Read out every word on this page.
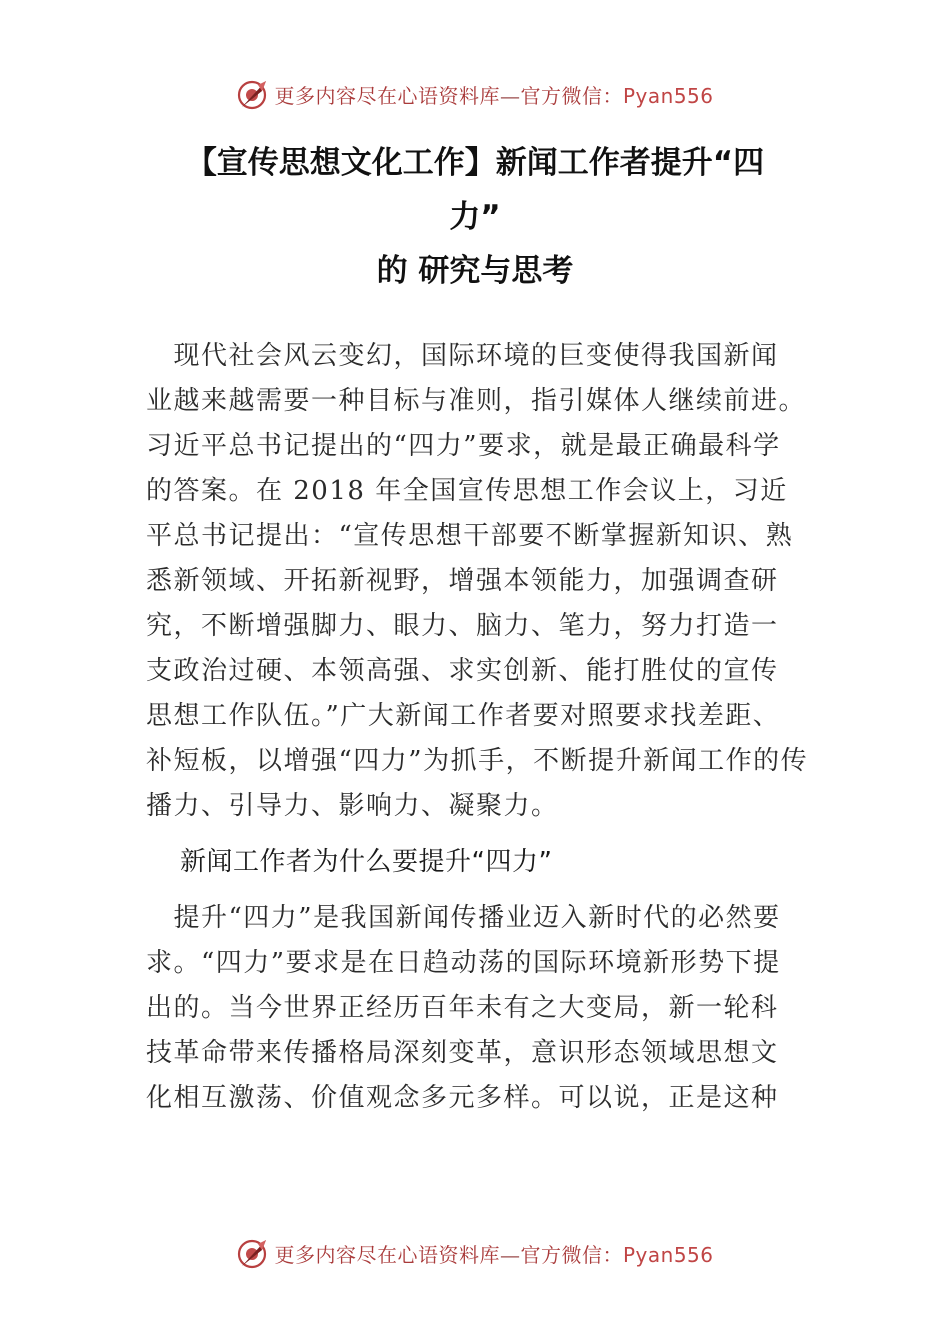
更多内容尽在心语资料库—官方微信：Pyan556
【宣传思想文化工作】新闻工作者提升“四
力”
的 研究与思考
　现代社会风云变幻，国际环境的巨变使得我国新闻
业越来越需要一种目标与准则，指引媒体人继续前进。
习近平总书记提出的“四力”要求，就是最正确最科学
的答案。在 2018 年全国宣传思想工作会议上，习近
平总书记提出：“宣传思想干部要不断掌握新知识、熟
悉新领域、开拓新视野，增强本领能力，加强调查研
究，不断增强脚力、眼力、脑力、笔力，努力打造一
支政治过硬、本领高强、求实创新、能打胜仗的宣传
思想工作队伍。”广大新闻工作者要对照要求找差距、
补短板，以增强“四力”为抓手，不断提升新闻工作的传
播力、引导力、影响力、凝聚力。
新闻工作者为什么要提升“四力”
　提升“四力”是我国新闻传播业迈入新时代的必然要
求。“四力”要求是在日趋动荡的国际环境新形势下提
出的。当今世界正经历百年未有之大变局，新一轮科
技革命带来传播格局深刻变革，意识形态领域思想文
化相互激荡、价值观念多元多样。可以说，正是这种
更多内容尽在心语资料库—官方微信：Pyan556
